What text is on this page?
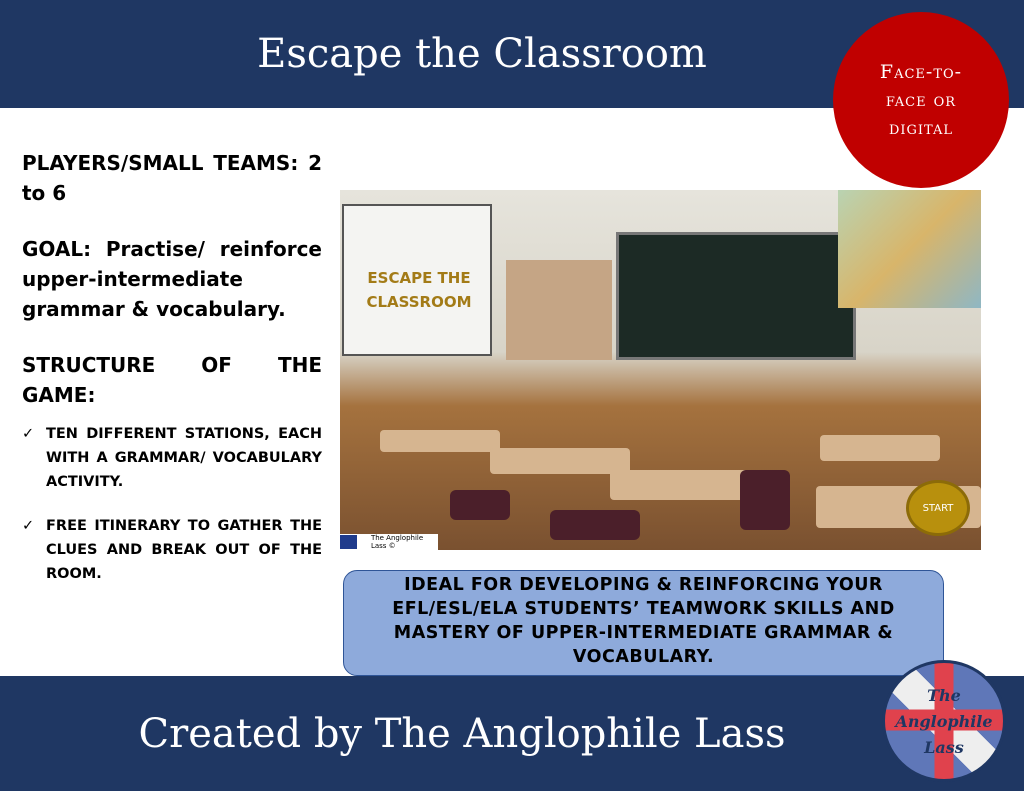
Escape the Classroom	Face-to-face or digital
PLAYERS/SMALL TEAMS: 2 to 6
GOAL: Practise/ reinforce upper-intermediate grammar & vocabulary.
STRUCTURE OF THE GAME:
✓ TEN DIFFERENT STATIONS, EACH WITH A GRAMMAR/ VOCABULARY ACTIVITY.
✓ FREE ITINERARY TO GATHER THE CLUES AND BREAK OUT OF THE ROOM.
ESCAPE THE CLASSROOM
START
The Anglophile Lass ©
IDEAL FOR DEVELOPING & REINFORCING YOUR EFL/ESL/ELA STUDENTS’ TEAMWORK SKILLS AND MASTERY OF UPPER-INTERMEDIATE GRAMMAR & VOCABULARY.
Created by The Anglophile Lass
The
Anglophile
Lass
